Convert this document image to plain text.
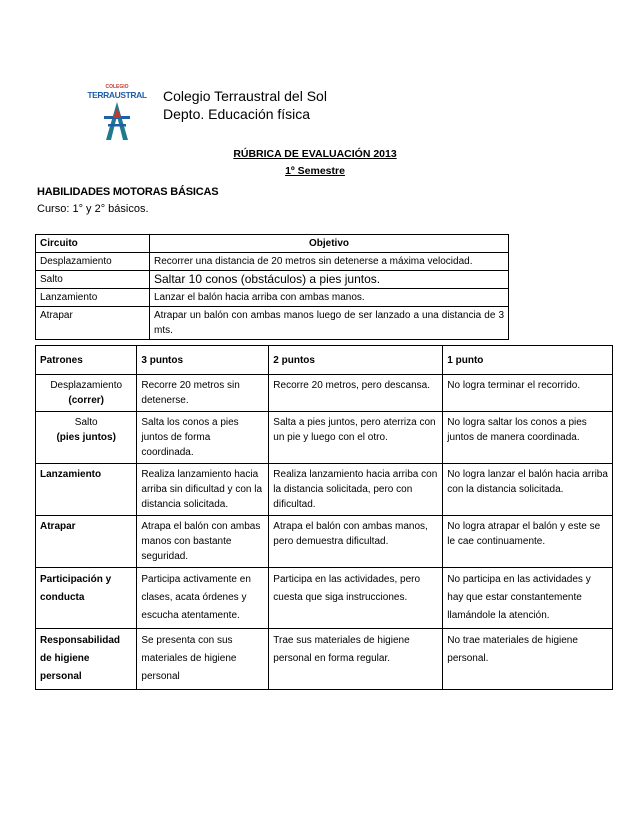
COLEGIO
TERRAUSTRAL Colegio Terraustral del Sol
Depto. Educación física
RÚBRICA DE EVALUACIÓN 2013
1º Semestre
HABILIDADES MOTORAS BÁSICAS
Curso: 1° y 2° básicos.
Circuito	Objetivo
Desplazamiento	Recorrer una distancia de 20 metros sin detenerse a máxima velocidad.
Salto	Saltar 10 conos (obstáculos) a pies juntos.
Lanzamiento	Lanzar el balón hacia arriba con ambas manos.
Atrapar	Atrapar un balón con ambas manos luego de ser lanzado a una distancia de 3 mts.
Patrones	3 puntos	2 puntos	1 punto

Desplazamiento
(correr)	Recorre 20 metros sin detenerse.	Recorre 20 metros, pero descansa.	No logra terminar el recorrido.

Salto
(pies juntos)	Salta los conos a pies juntos de forma coordinada.	Salta a pies juntos, pero aterriza con un pie y luego con el otro.	No logra saltar los conos a pies juntos de manera coordinada.
Lanzamiento	Realiza lanzamiento hacia arriba sin dificultad y con la distancia solicitada.	Realiza lanzamiento hacia arriba con la distancia solicitada, pero con dificultad.	No logra lanzar el balón hacia arriba con la distancia solicitada.
Atrapar	Atrapa el balón con ambas manos con bastante seguridad.	Atrapa el balón con ambas manos, pero demuestra dificultad.	No logra atrapar el balón y este se le cae continuamente.
Participación y conducta	Participa activamente en clases, acata órdenes y escucha atentamente.	Participa en las actividades, pero cuesta que siga instrucciones.	No participa en las actividades y hay que estar constantemente llamándole la atención.
Responsabilidad de higiene personal	Se presenta con sus materiales de higiene personal	Trae sus materiales de higiene personal en forma regular.	No trae materiales de higiene personal.
